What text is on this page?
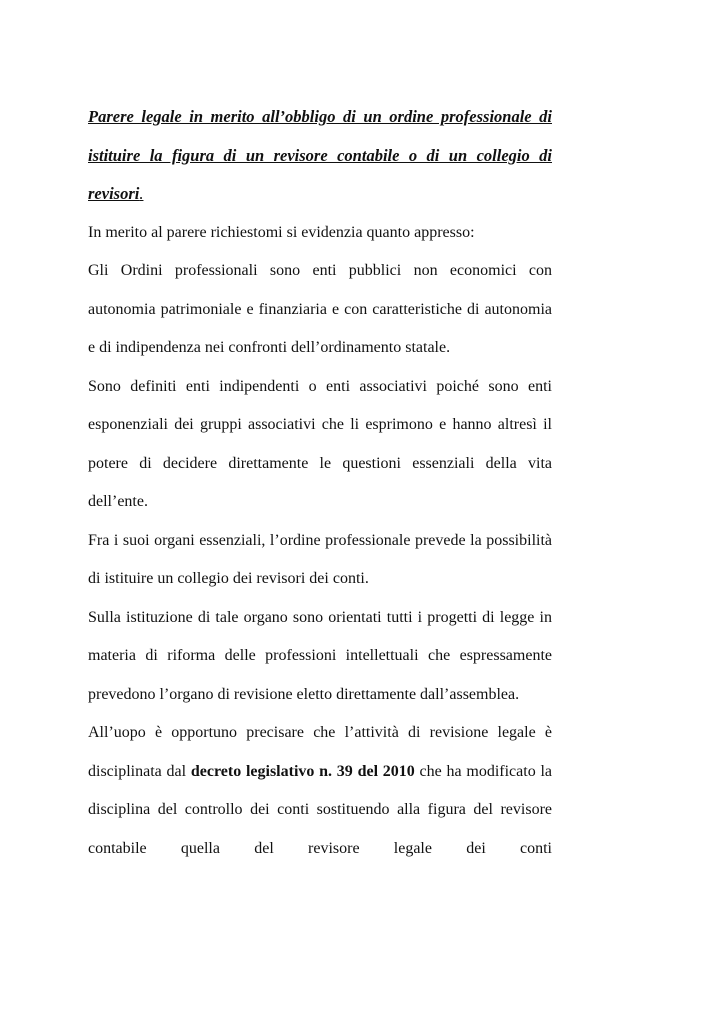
Parere legale in merito all’obbligo di un ordine professionale di istituire la figura di un revisore contabile o di un collegio di revisori.

In merito al parere richiestomi si evidenzia quanto appresso:

Gli Ordini professionali sono enti pubblici non economici con autonomia patrimoniale e finanziaria e con caratteristiche di autonomia e di indipendenza nei confronti dell’ordinamento statale.

Sono definiti enti indipendenti o enti associativi poiché sono enti esponenziali dei gruppi associativi che li esprimono e hanno altresì il potere di decidere direttamente le questioni essenziali della vita dell’ente.

Fra i suoi organi essenziali, l’ordine professionale prevede la possibilità di istituire un collegio dei revisori dei conti.

Sulla istituzione di tale organo sono orientati tutti i progetti di legge in materia di riforma delle professioni intellettuali che espressamente prevedono l’organo di revisione eletto direttamente dall’assemblea.

All’uopo è opportuno precisare che l’attività di revisione legale è disciplinata dal decreto legislativo n. 39 del 2010 che ha modificato la disciplina del controllo dei conti sostituendo alla figura del revisore contabile quella del revisore legale dei conti
